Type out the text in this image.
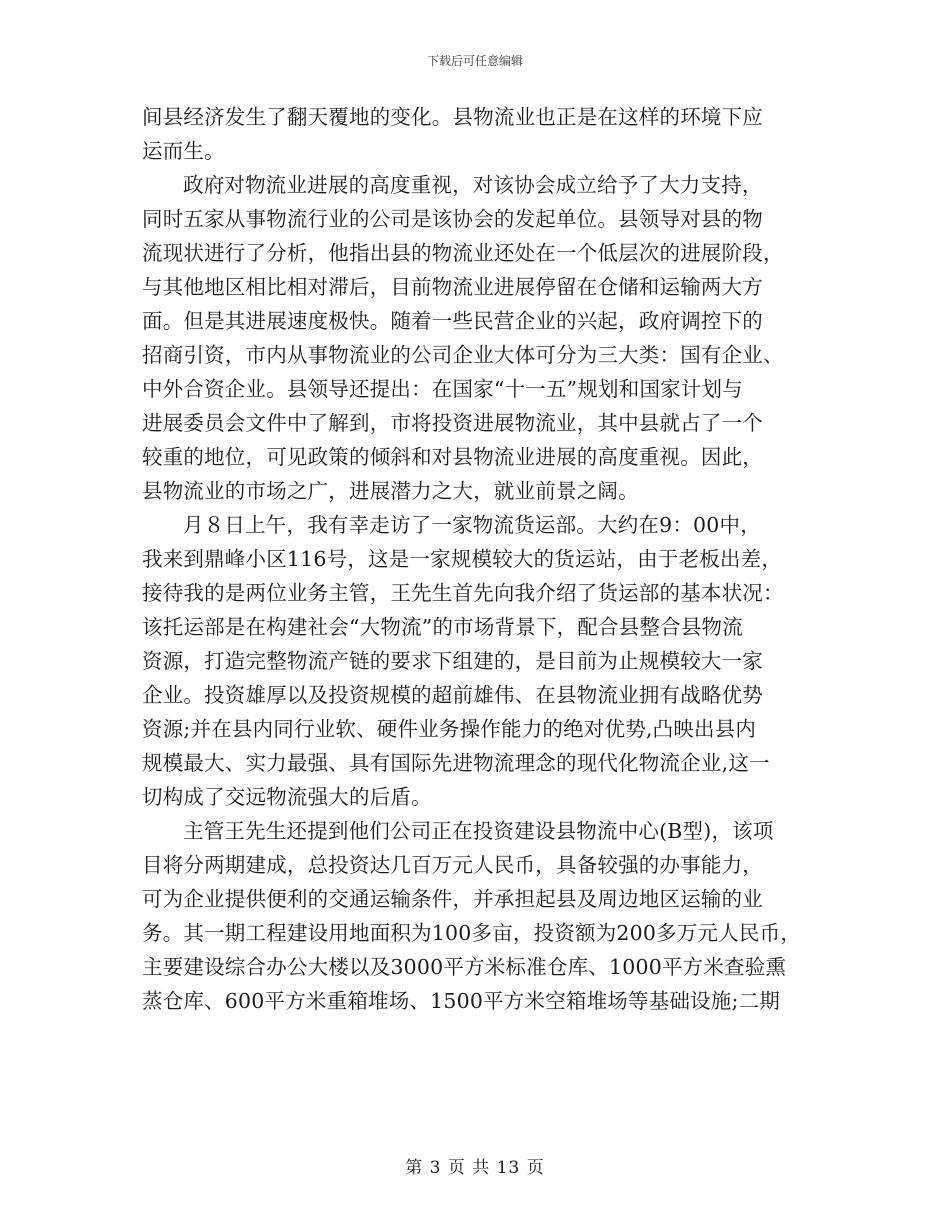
下载后可任意编辑
间县经济发生了翻天覆地的变化。县物流业也正是在这样的环境下应
运而生。
政府对物流业进展的高度重视，对该协会成立给予了大力支持，
同时五家从事物流行业的公司是该协会的发起单位。县领导对县的物
流现状进行了分析，他指出县的物流业还处在一个低层次的进展阶段，
与其他地区相比相对滞后，目前物流业进展停留在仓储和运输两大方
面。但是其进展速度极快。随着一些民营企业的兴起，政府调控下的
招商引资，市内从事物流业的公司企业大体可分为三大类：国有企业、
中外合资企业。县领导还提出：在国家“十一五”规划和国家计划与
进展委员会文件中了解到，市将投资进展物流业，其中县就占了一个
较重的地位，可见政策的倾斜和对县物流业进展的高度重视。因此，
县物流业的市场之广，进展潜力之大，就业前景之阔。
月８日上午，我有幸走访了一家物流货运部。大约在9：00中，
我来到鼎峰小区116号，这是一家规模较大的货运站，由于老板出差，
接待我的是两位业务主管，王先生首先向我介绍了货运部的基本状况：
该托运部是在构建社会“大物流”的市场背景下，配合县整合县物流
资源，打造完整物流产链的要求下组建的，是目前为止规模较大一家
企业。投资雄厚以及投资规模的超前雄伟、在县物流业拥有战略优势
资源;并在县内同行业软、硬件业务操作能力的绝对优势,凸映出县内
规模最大、实力最强、具有国际先进物流理念的现代化物流企业,这一
切构成了交远物流强大的后盾。
主管王先生还提到他们公司正在投资建设县物流中心(B型)，该项
目将分两期建成，总投资达几百万元人民币，具备较强的办事能力，
可为企业提供便利的交通运输条件，并承担起县及周边地区运输的业
务。其一期工程建设用地面积为100多亩，投资额为200多万元人民币，
主要建设综合办公大楼以及3000平方米标准仓库、1000平方米查验熏
蒸仓库、600平方米重箱堆场、1500平方米空箱堆场等基础设施;二期
第 3 页 共 13 页
